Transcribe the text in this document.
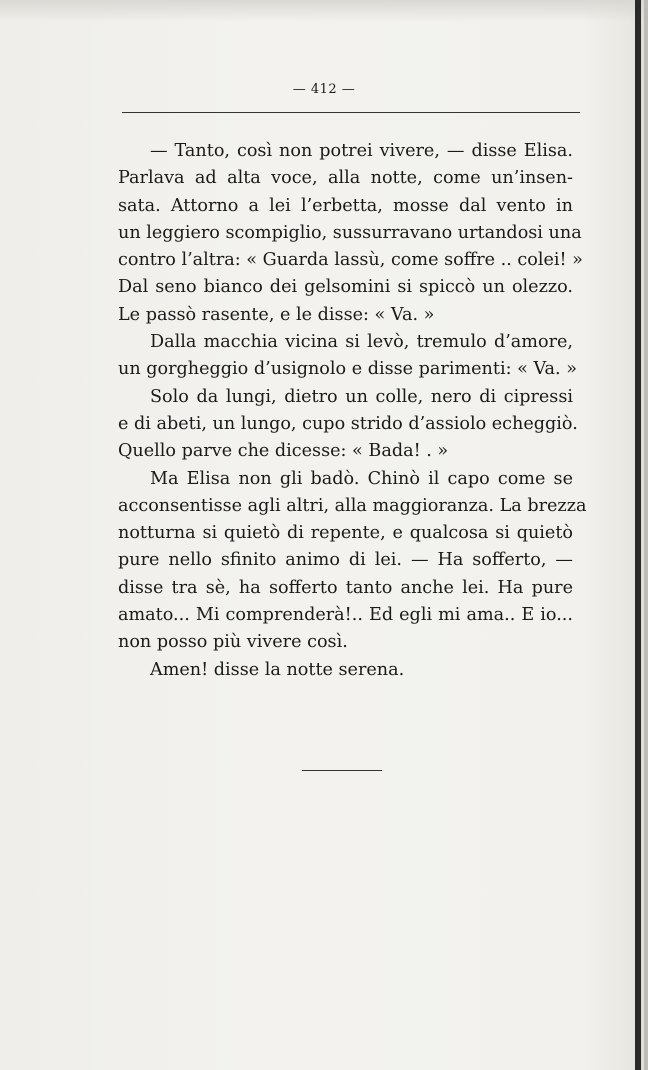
— 412 —
— Tanto, così non potrei vivere, — disse Elisa.
Parlava ad alta voce, alla notte, come un’insen-
sata. Attorno a lei l’erbetta, mosse dal vento in
un leggiero scompiglio, sussurravano urtandosi una
contro l’altra: « Guarda lassù, come soffre .. colei! »
Dal seno bianco dei gelsomini si spiccò un olezzo.
Le passò rasente, e le disse: « Va. »
Dalla macchia vicina si levò, tremulo d’amore,
un gorgheggio d’usignolo e disse parimenti: « Va. »
Solo da lungi, dietro un colle, nero di cipressi
e di abeti, un lungo, cupo strido d’assiolo echeggiò.
Quello parve che dicesse: « Bada! . »
Ma Elisa non gli badò. Chinò il capo come se
acconsentisse agli altri, alla maggioranza. La brezza
notturna si quietò di repente, e qualcosa si quietò
pure nello sfinito animo di lei. — Ha sofferto, —
disse tra sè, ha sofferto tanto anche lei. Ha pure
amato... Mi comprenderà!.. Ed egli mi ama.. E io...
non posso più vivere così.
Amen! disse la notte serena.
